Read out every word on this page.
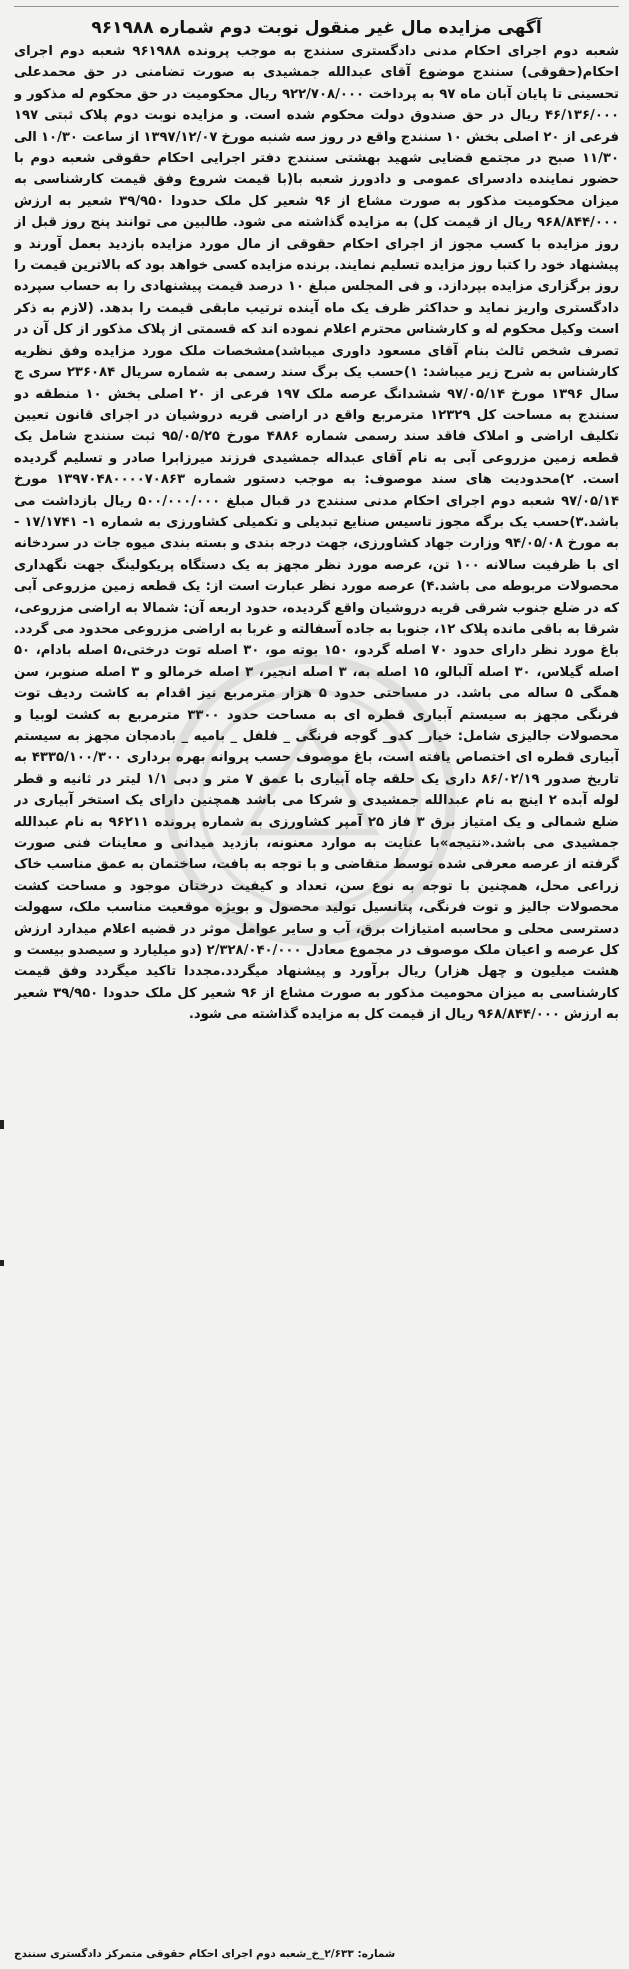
آگهی مزایده مال غیر منقول نوبت دوم شماره ۹۶۱۹۸۸

شعبه دوم اجرای احکام مدنی دادگستری سنندج به موجب پرونده ۹۶۱۹۸۸ شعبه دوم اجرای احکام(حقوقی) سنندج موضوع آقای عبدالله جمشیدی به صورت تضامنی در حق محمدعلی تحسینی تا پایان آبان ماه ۹۷ به پرداخت ۹۲۲/۷۰۸/۰۰۰ ریال محکومیت در حق محکوم له مذکور و ۴۶/۱۳۶/۰۰۰ ریال در حق صندوق دولت محکوم شده است. و مزایده نوبت دوم پلاک ثبتی ۱۹۷ فرعی از ۲۰ اصلی بخش ۱۰ سنندج واقع در روز سه شنبه مورخ ۱۳۹۷/۱۲/۰۷ از ساعت ۱۰/۳۰ الی ۱۱/۳۰ صبح در مجتمع قضایی شهید بهشتی سنندج دفتر اجرایی احکام حقوقی شعبه دوم با حضور نماینده دادسرای عمومی و دادورز شعبه با(با قیمت شروع وفق قیمت کارشناسی به میزان محکومیت مذکور به صورت مشاع از ۹۶ شعیر کل ملک حدودا ۳۹/۹۵۰ شعیر به ارزش ۹۶۸/۸۴۴/۰۰۰ ریال از قیمت کل) به مزایده گذاشته می شود. طالبین می توانند پنج روز قبل از روز مزایده با کسب مجوز از اجرای احکام حقوقی از مال مورد مزایده بازدید بعمل آورند و پیشنهاد خود را کتبا روز مزایده تسلیم نمایند. برنده مزایده کسی خواهد بود که بالاترین قیمت را روز برگزاری مزایده بپردازد. و فی المجلس مبلغ ۱۰ درصد قیمت پیشنهادی را به حساب سپرده دادگستری واریز نماید و حداکثر ظرف یک ماه آینده ترتیب مابقی قیمت را بدهد. (لازم به ذکر است وکیل محکوم له و کارشناس محترم اعلام نموده اند که قسمتی از پلاک مذکور از کل آن در تصرف شخص ثالث بنام آقای مسعود داوری میباشد)مشخصات ملک مورد مزایده وفق نظریه کارشناس به شرح زیر میباشد: ۱)حسب یک برگ سند رسمی به شماره سریال ۲۳۶۰۸۴ سری ج سال ۱۳۹۶ مورخ ۹۷/۰۵/۱۴ ششدانگ عرصه ملک ۱۹۷ فرعی از ۲۰ اصلی بخش ۱۰ منطقه دو سنندج به مساحت کل ۱۲۳۲۹ مترمربع واقع در اراضی قریه دروشیان در اجرای قانون تعیین تکلیف اراضی و املاک فاقد سند رسمی شماره ۴۸۸۶ مورخ ۹۵/۰۵/۲۵ ثبت سنندج شامل یک قطعه زمین مزروعی آبی به نام آقای عبداله جمشیدی فرزند میرزابرا صادر و تسلیم گردیده است. ۲)محدودیت های سند موصوف: به موجب دستور شماره ۱۳۹۷۰۴۸۰۰۰۰۷۰۸۶۳ مورخ ۹۷/۰۵/۱۴ شعبه دوم اجرای احکام مدنی سنندج در قبال مبلغ ۵۰۰/۰۰۰/۰۰۰ ریال بازداشت می باشد.۳)حسب یک برگه مجوز تاسیس صنایع تبدیلی و تکمیلی کشاورزی به شماره ۱- ۱۷/۱۷۴۱ - به مورخ ۹۴/۰۵/۰۸ وزارت جهاد کشاورزی، جهت درجه بندی و بسته بندی میوه جات در سردخانه ای با ظرفیت سالانه ۱۰۰ تن، عرصه مورد نظر مجهز به یک دستگاه پریکولینگ جهت نگهداری محصولات مربوطه می باشد.۴) عرصه مورد نظر عبارت است از: یک قطعه زمین مزروعی آبی که در ضلع جنوب شرقی قریه دروشیان واقع گردیده، حدود اربعه آن: شمالا به اراضی مزروعی، شرقا به باقی مانده پلاک ۱۲، جنوبا به جاده آسفالته و غربا به اراضی مزروعی محدود می گردد. باغ مورد نظر دارای حدود ۷۰ اصله گردو، ۱۵۰ بوته مو، ۳۰ اصله توت درختی،۵ اصله بادام، ۵۰ اصله گیلاس، ۳۰ اصله آلبالو، ۱۵ اصله به، ۳ اصله انجیر، ۳ اصله خرمالو و ۳ اصله صنوبر، سن همگی ۵ ساله می باشد. در مساحتی حدود ۵ هزار مترمربع نیز اقدام به کاشت ردیف توت فرنگی مجهز به سیستم آبیاری قطره ای به مساحت حدود ۳۳۰۰ مترمربع به کشت لوبیا و محصولات جالیزی شامل: خیار_ کدو_ گوجه فرنگی _ فلفل _ بامیه _ بادمجان مجهز به سیستم آبیاری قطره ای اختصاص یافته است، باغ موصوف حسب پروانه بهره برداری ۴۳۳۵/۱۰۰/۳۰۰ به تاریخ صدور ۸۶/۰۲/۱۹ داری یک حلقه چاه آبیاری با عمق ۷ متر و دبی ۱/۱ لیتر در ثانیه و قطر لوله آبده ۲ اینچ به نام عبدالله جمشیدی و شرکا می باشد همچنین دارای یک استخر آبیاری در ضلع شمالی و یک امتیاز برق ۳ فاز ۲۵ آمپر کشاورزی به شماره پرونده ۹۶۲۱۱ به نام عبدالله جمشیدی می باشد.«نتیجه»با عنایت به موارد معنونه، بازدید میدانی و معاینات فنی صورت گرفته از عرصه معرفی شده توسط متقاضی و با توجه به بافت، ساختمان به عمق مناسب خاک زراعی محل، همچنین با توجه به نوع سن، تعداد و کیفیت درختان موجود و مساحت کشت محصولات جالیز و توت فرنگی، پتانسیل تولید محصول و بویژه موقعیت مناسب ملک، سهولت دسترسی محلی و محاسبه امتیازات برق، آب و سایر عوامل موثر در قضیه اعلام میدارد ارزش کل عرصه و اعیان ملک موصوف در مجموع معادل ۲/۳۲۸/۰۴۰/۰۰۰ (دو میلیارد و سیصدو بیست و هشت میلیون و چهل هزار) ریال برآورد و پیشنهاد میگردد.مجددا تاکید میگردد وفق قیمت کارشناسی به میزان محومیت مذکور به صورت مشاع از ۹۶ شعیر کل ملک حدودا ۳۹/۹۵۰ شعیر به ارزش ۹۶۸/۸۴۴/۰۰۰ ریال از قیمت کل به مزایده گذاشته می شود.

شماره: ۲/۶۳۳_خ_شعبه دوم اجرای احکام حقوقی متمرکز دادگستری سنندج
